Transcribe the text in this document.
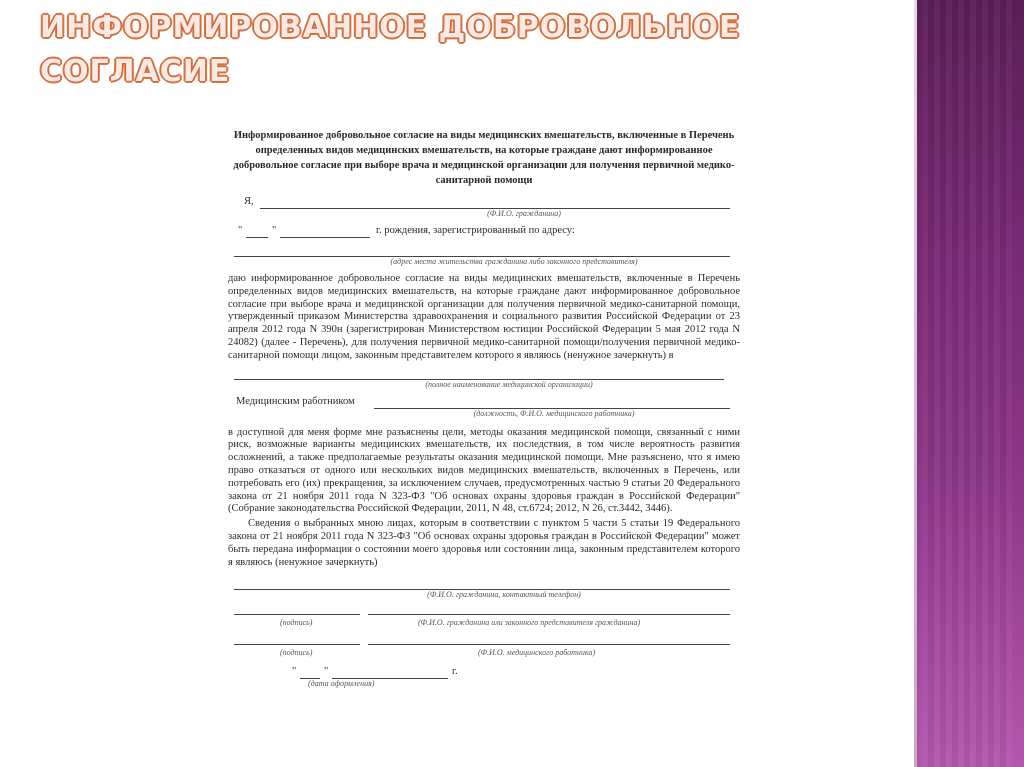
ИНФОРМИРОВАННОЕ ДОБРОВОЛЬНОЕ
СОГЛАСИЕ
Информированное добровольное согласие на виды медицинских вмешательств, включенные в Перечень определенных видов медицинских вмешательств, на которые граждане дают информированное добровольное согласие при выборе врача и медицинской организации для получения первичной медико-санитарной помощи
Я,
(Ф.И.О. гражданина)
"	"	г. рождения, зарегистрированный по адресу:
(адрес места жительства гражданина либо законного представителя)

даю информированное добровольное согласие на виды медицинских вмешательств, включенные в Перечень определенных видов медицинских вмешательств, на которые граждане дают информированное добровольное согласие при выборе врача и медицинской организации для получения первичной медико-санитарной помощи, утвержденный приказом Министерства здравоохранения и социального развития Российской Федерации от 23 апреля 2012 года N 390н (зарегистрирован Министерством юстиции Российской Федерации 5 мая 2012 года N 24082) (далее - Перечень), для получения первичной медико-санитарной помощи/получения первичной медико-санитарной помощи лицом, законным представителем которого я являюсь (ненужное зачеркнуть) в

(полное наименование медицинской организации)
Медицинским работником
(должность, Ф.И.О. медицинского работника)

в доступной для меня форме мне разъяснены цели, методы оказания медицинской помощи, связанный с ними риск, возможные варианты медицинских вмешательств, их последствия, в том числе вероятность развития осложнений, а также предполагаемые результаты оказания медицинской помощи. Мне разъяснено, что я имею право отказаться от одного или нескольких видов медицинских вмешательств, включенных в Перечень, или потребовать его (их) прекращения, за исключением случаев, предусмотренных частью 9 статьи 20 Федерального закона от 21 ноября 2011 года N 323-ФЗ "Об основах охраны здоровья граждан в Российской Федерации" (Собрание законодательства Российской Федерации, 2011, N 48, ст.6724; 2012, N 26, ст.3442, 3446).

Сведения о выбранных мною лицах, которым в соответствии с пунктом 5 части 5 статьи 19 Федерального закона от 21 ноября 2011 года N 323-ФЗ "Об основах охраны здоровья граждан в Российской Федерации" может быть передана информация о состоянии моего здоровья или состоянии лица, законным представителем которого я являюсь (ненужное зачеркнуть)

(Ф.И.О. гражданина, контактный телефон)
(подпись)	(Ф.И.О. гражданина или законного представителя гражданина)
(подпись)	(Ф.И.О. медицинского работника)
"	"	г.
(дата оформления)
